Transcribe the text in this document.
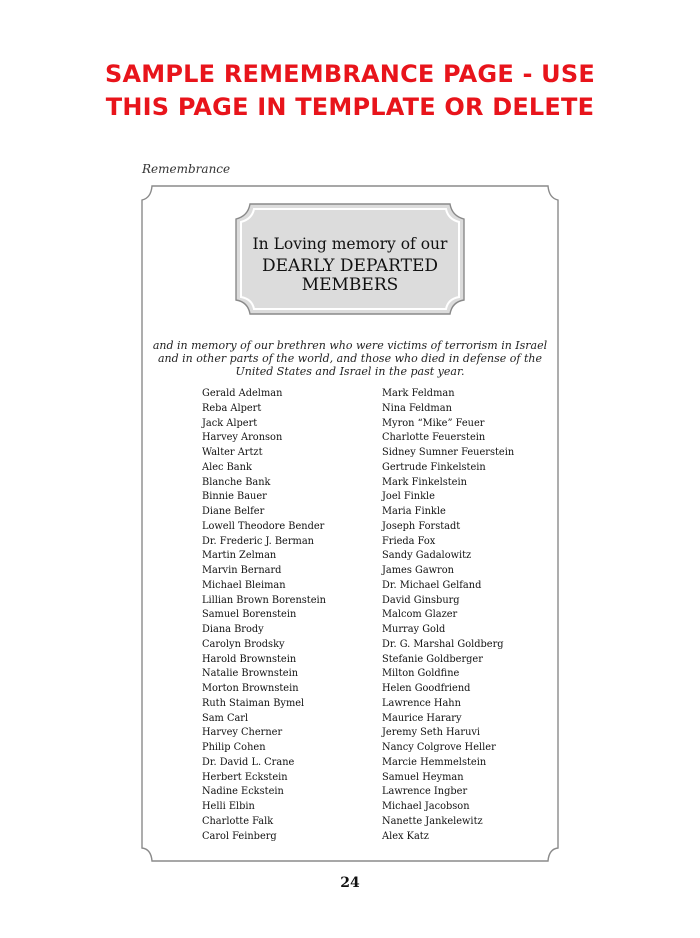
SAMPLE REMEMBRANCE PAGE - USE
THIS PAGE IN TEMPLATE OR DELETE
Remembrance
In Loving memory of our
DEARLY DEPARTED
MEMBERS
and in memory of our brethren who were victims of terrorism in Israel and in other parts of the world, and those who died in defense of the United States and Israel in the past year.
Gerald Adelman
Reba Alpert
Jack Alpert
Harvey Aronson
Walter Artzt
Alec Bank
Blanche Bank
Binnie Bauer
Diane Belfer
Lowell Theodore Bender
Dr. Frederic J. Berman
Martin Zelman
Marvin Bernard
Michael Bleiman
Lillian Brown Borenstein
Samuel Borenstein
Diana Brody
Carolyn Brodsky
Harold Brownstein
Natalie Brownstein
Morton Brownstein
Ruth Staiman Bymel
Sam Carl
Harvey Cherner
Philip Cohen
Dr. David L. Crane
Herbert Eckstein
Nadine Eckstein
Helli Elbin
Charlotte Falk
Carol Feinberg
Mark Feldman
Nina Feldman
Myron “Mike” Feuer
Charlotte Feuerstein
Sidney Sumner Feuerstein
Gertrude Finkelstein
Mark Finkelstein
Joel Finkle
Maria Finkle
Joseph Forstadt
Frieda Fox
Sandy Gadalowitz
James Gawron
Dr. Michael Gelfand
David Ginsburg
Malcom Glazer
Murray Gold
Dr. G. Marshal Goldberg
Stefanie Goldberger
Milton Goldfine
Helen Goodfriend
Lawrence Hahn
Maurice Harary
Jeremy Seth Haruvi
Nancy Colgrove Heller
Marcie Hemmelstein
Samuel Heyman
Lawrence Ingber
Michael Jacobson
Nanette Jankelewitz
Alex Katz
24
